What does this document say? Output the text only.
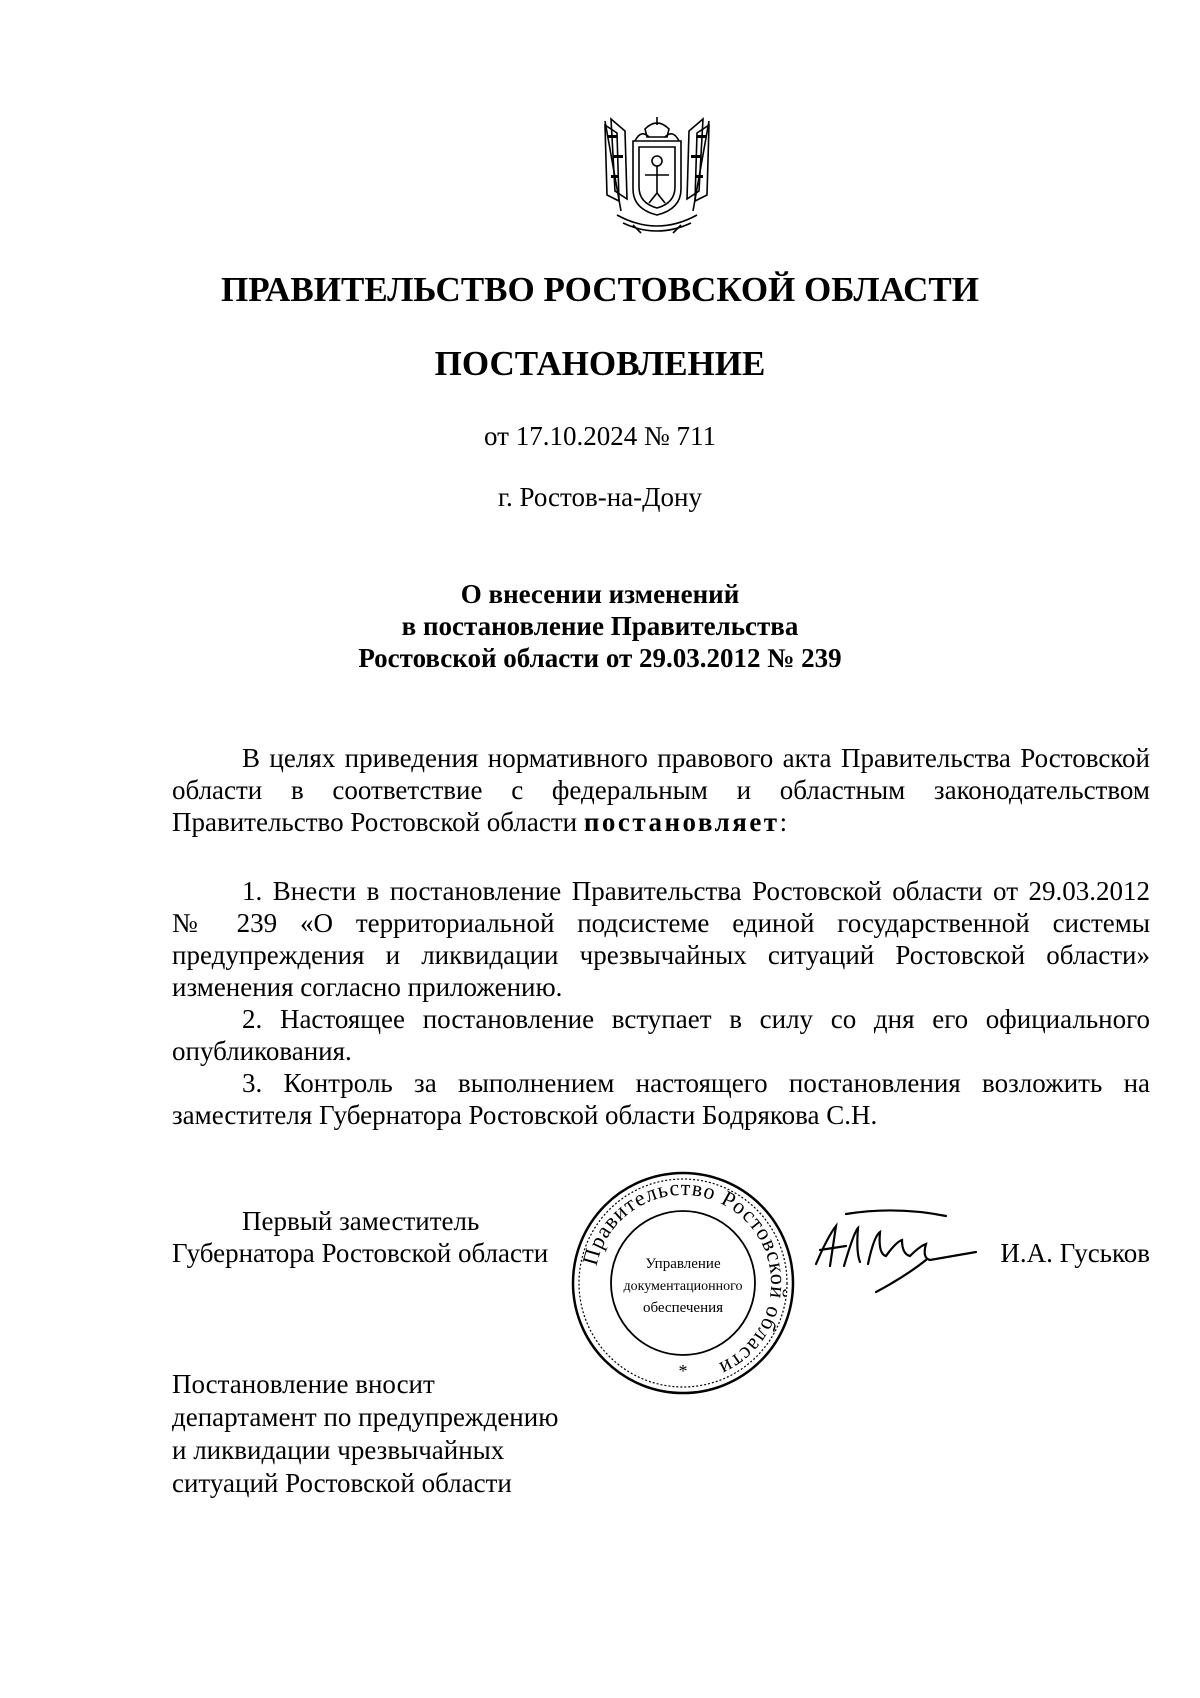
ПРАВИТЕЛЬСТВО РОСТОВСКОЙ ОБЛАСТИ
ПОСТАНОВЛЕНИЕ
от 17.10.2024 № 711
г. Ростов-на-Дону
О внесении изменений
в постановление Правительства
Ростовской области от 29.03.2012 № 239

В целях приведения нормативного правового акта Правительства Ростовской области в соответствие с федеральным и областным законодательством Правительство Ростовской области постановляет:

1. Внести в постановление Правительства Ростовской области от 29.03.2012 № 239 «О территориальной подсистеме единой государственной системы предупреждения и ликвидации чрезвычайных ситуаций Ростовской области» изменения согласно приложению.

2. Настоящее постановление вступает в силу со дня его официального опубликования.

3. Контроль за выполнением настоящего постановления возложить на заместителя Губернатора Ростовской области Бодрякова С.Н.

Первый заместитель
Губернатора Ростовской области Правительство Ростовской области
Управление
документационного
обеспечения
*
И.А. Гуськов
Постановление вносит
департамент по предупреждению
и ликвидации чрезвычайных
ситуаций Ростовской области
